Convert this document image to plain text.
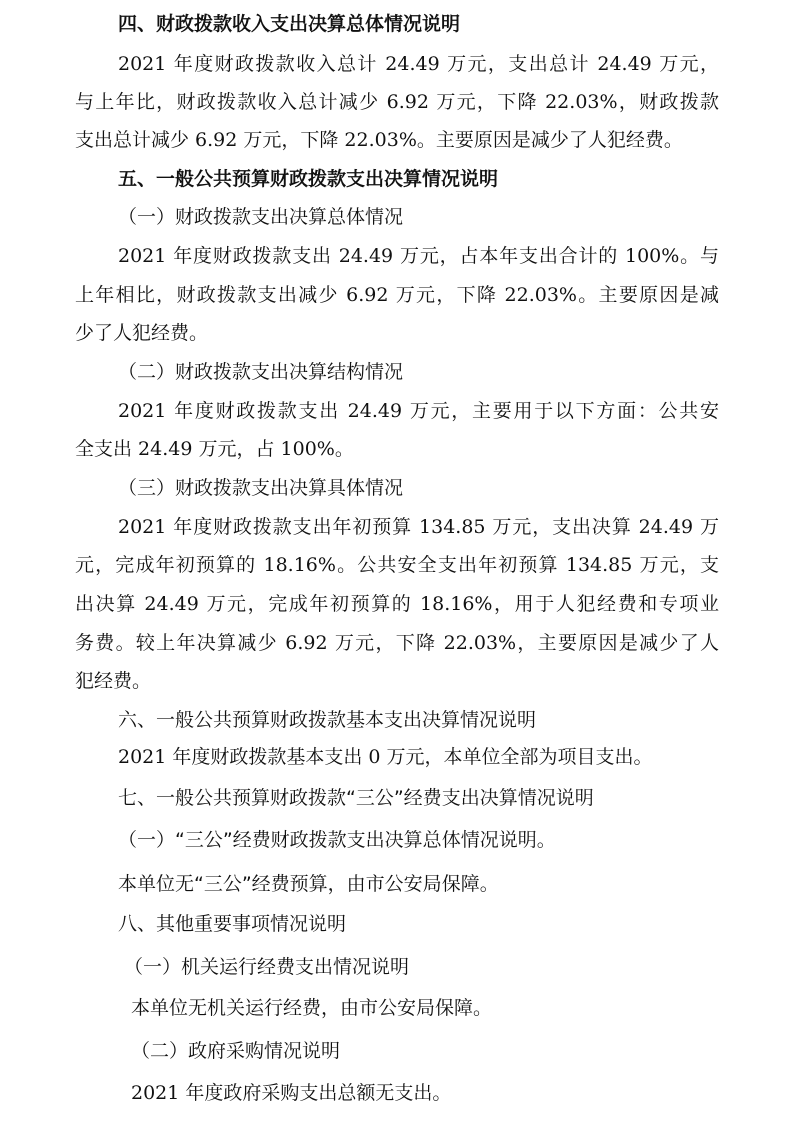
四、财政拨款收入支出决算总体情况说明
2021 年度财政拨款收入总计 24.49 万元，支出总计 24.49 万元，
与上年比，财政拨款收入总计减少 6.92 万元，下降 22.03%，财政拨款
支出总计减少 6.92 万元，下降 22.03%。主要原因是减少了人犯经费。
五、一般公共预算财政拨款支出决算情况说明
（一）财政拨款支出决算总体情况
2021 年度财政拨款支出 24.49 万元，占本年支出合计的 100%。与
上年相比，财政拨款支出减少 6.92 万元，下降 22.03%。主要原因是减
少了人犯经费。
（二）财政拨款支出决算结构情况
2021 年度财政拨款支出 24.49 万元，主要用于以下方面：公共安
全支出 24.49 万元，占 100%。
（三）财政拨款支出决算具体情况
2021 年度财政拨款支出年初预算 134.85 万元，支出决算 24.49 万
元，完成年初预算的 18.16%。公共安全支出年初预算 134.85 万元，支
出决算 24.49 万元，完成年初预算的 18.16%，用于人犯经费和专项业
务费。较上年决算减少 6.92 万元，下降 22.03%，主要原因是减少了人
犯经费。
六、一般公共预算财政拨款基本支出决算情况说明
2021 年度财政拨款基本支出 0 万元，本单位全部为项目支出。
七、一般公共预算财政拨款“三公”经费支出决算情况说明
（一）“三公”经费财政拨款支出决算总体情况说明。
本单位无“三公”经费预算，由市公安局保障。
八、其他重要事项情况说明
（一）机关运行经费支出情况说明
本单位无机关运行经费，由市公安局保障。
（二）政府采购情况说明
2021 年度政府采购支出总额无支出。
